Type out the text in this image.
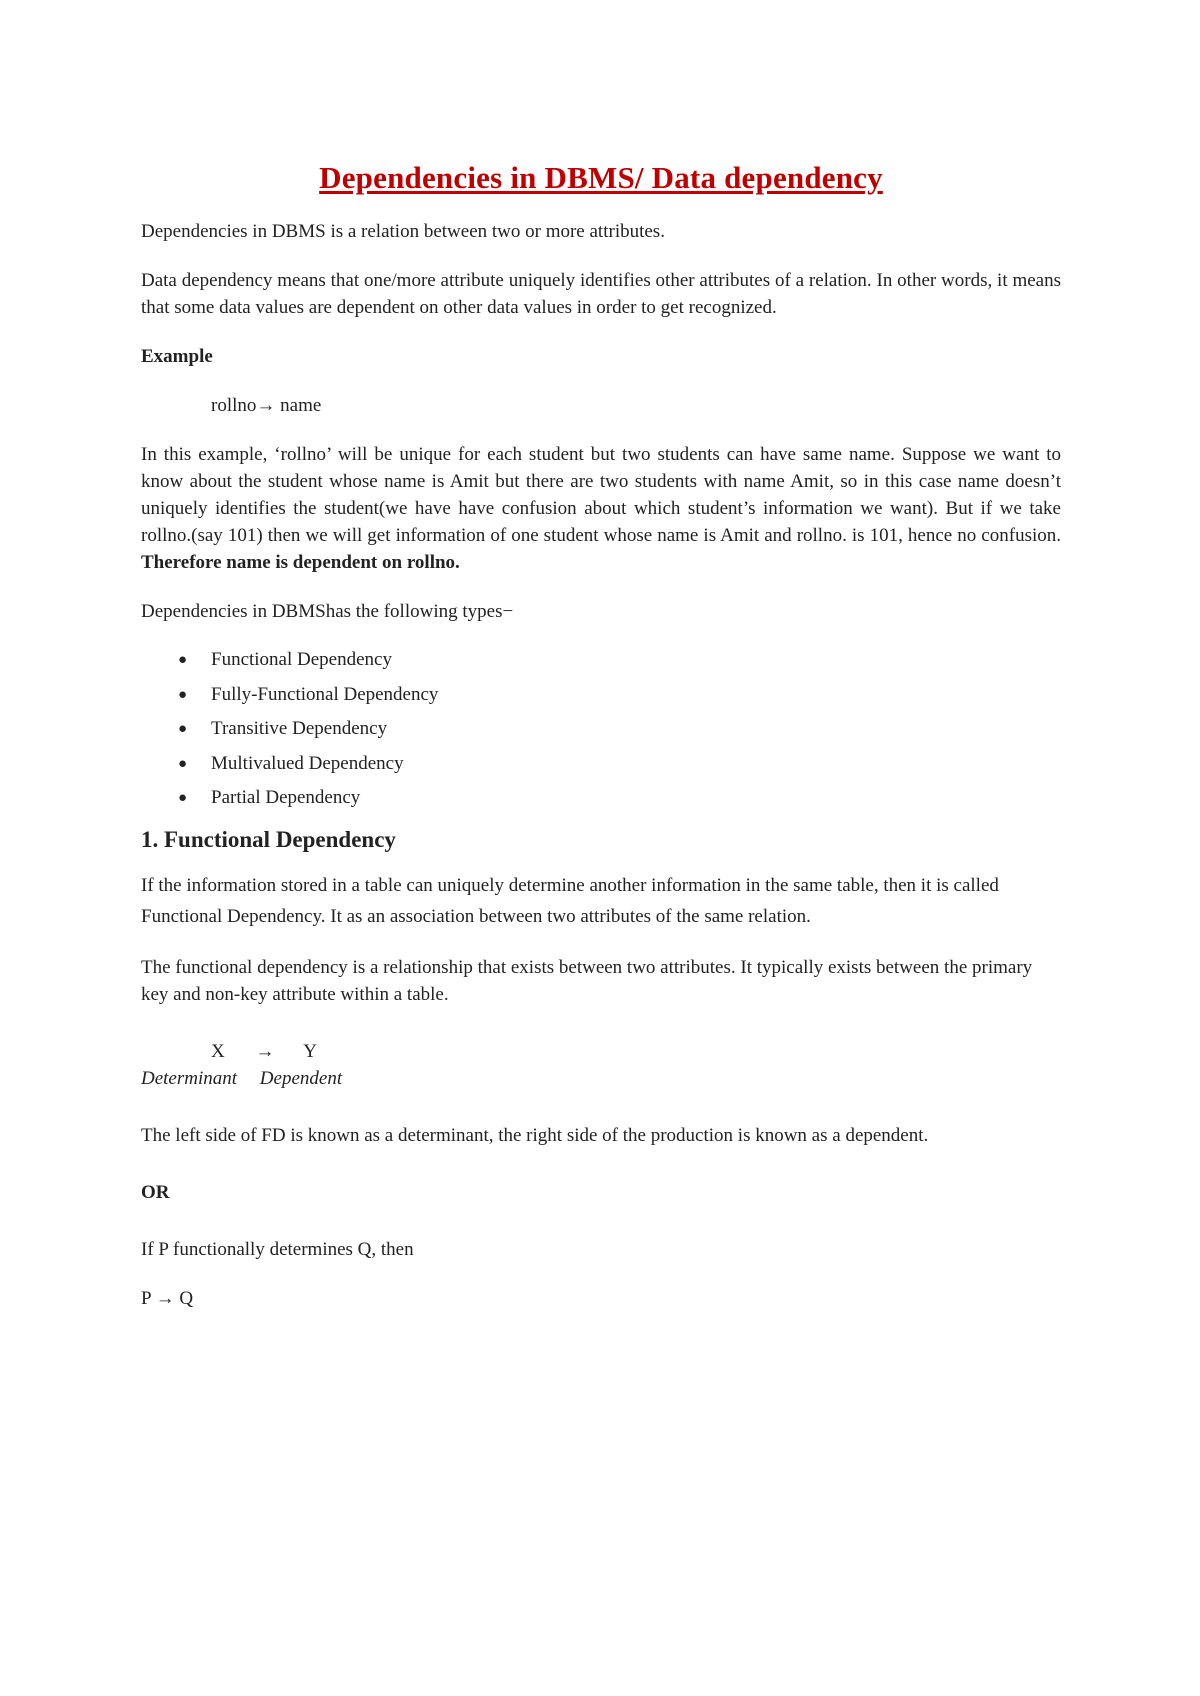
Dependencies in DBMS/ Data dependency

Dependencies in DBMS is a relation between two or more attributes.

Data dependency means that one/more attribute uniquely identifies other attributes of a relation. In other words, it means that some data values are dependent on other data values in order to get recognized.

Example

rollno→ name

In this example, ‘rollno’ will be unique for each student but two students can have same name. Suppose we want to know about the student whose name is Amit but there are two students with name Amit, so in this case name doesn’t uniquely identifies the student(we have have confusion about which student’s information we want). But if we take rollno.(say 101) then we will get information of one student whose name is Amit and rollno. is 101, hence no confusion. Therefore name is dependent on rollno.

Dependencies in DBMShas the following types−

● Functional Dependency
● Fully-Functional Dependency
● Transitive Dependency
● Multivalued Dependency
● Partial Dependency
1. Functional Dependency

If the information stored in a table can uniquely determine another information in the same table, then it is called Functional Dependency. It as an association between two attributes of the same relation.

The functional dependency is a relationship that exists between two attributes. It typically exists between the primary key and non-key attribute within a table.

X → Y
Determinant Dependent

The left side of FD is known as a determinant, the right side of the production is known as a dependent.

OR

If P functionally determines Q, then

P → Q
